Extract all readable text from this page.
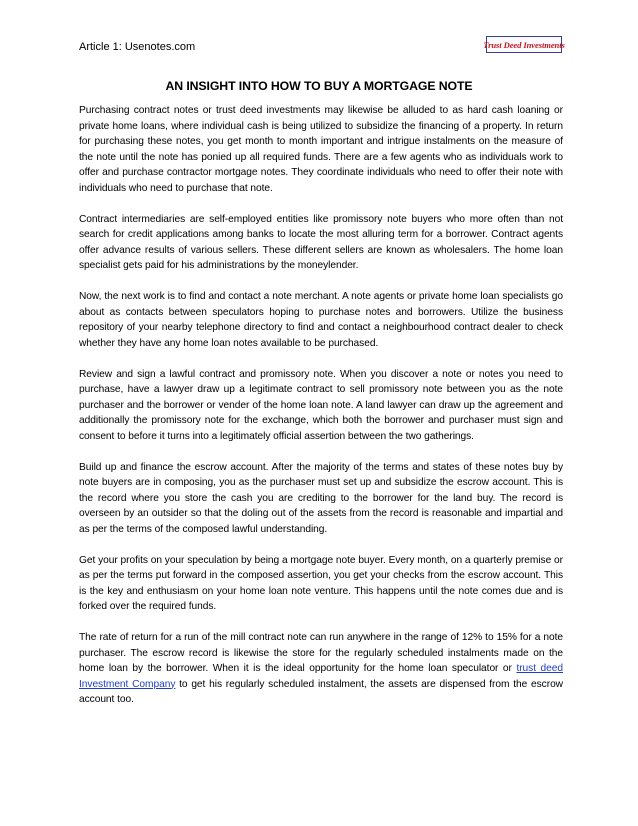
Article 1: Usenotes.com	Trust Deed Investments
AN INSIGHT INTO HOW TO BUY A MORTGAGE NOTE

Purchasing contract notes or trust deed investments may likewise be alluded to as hard cash loaning or private home loans, where individual cash is being utilized to subsidize the financing of a property. In return for purchasing these notes, you get month to month important and intrigue instalments on the measure of the note until the note has ponied up all required funds. There are a few agents who as individuals work to offer and purchase contractor mortgage notes. They coordinate individuals who need to offer their note with individuals who need to purchase that note.

Contract intermediaries are self-employed entities like promissory note buyers who more often than not search for credit applications among banks to locate the most alluring term for a borrower. Contract agents offer advance results of various sellers. These different sellers are known as wholesalers. The home loan specialist gets paid for his administrations by the moneylender.

Now, the next work is to find and contact a note merchant. A note agents or private home loan specialists go about as contacts between speculators hoping to purchase notes and borrowers. Utilize the business repository of your nearby telephone directory to find and contact a neighbourhood contract dealer to check whether they have any home loan notes available to be purchased.

Review and sign a lawful contract and promissory note. When you discover a note or notes you need to purchase, have a lawyer draw up a legitimate contract to sell promissory note between you as the note purchaser and the borrower or vender of the home loan note. A land lawyer can draw up the agreement and additionally the promissory note for the exchange, which both the borrower and purchaser must sign and consent to before it turns into a legitimately official assertion between the two gatherings.

Build up and finance the escrow account. After the majority of the terms and states of these notes buy by note buyers are in composing, you as the purchaser must set up and subsidize the escrow account. This is the record where you store the cash you are crediting to the borrower for the land buy. The record is overseen by an outsider so that the doling out of the assets from the record is reasonable and impartial and as per the terms of the composed lawful understanding.

Get your profits on your speculation by being a mortgage note buyer. Every month, on a quarterly premise or as per the terms put forward in the composed assertion, you get your checks from the escrow account. This is the key and enthusiasm on your home loan note venture. This happens until the note comes due and is forked over the required funds.

The rate of return for a run of the mill contract note can run anywhere in the range of 12% to 15% for a note purchaser. The escrow record is likewise the store for the regularly scheduled instalments made on the home loan by the borrower. When it is the ideal opportunity for the home loan speculator or trust deed Investment Company to get his regularly scheduled instalment, the assets are dispensed from the escrow account too.
